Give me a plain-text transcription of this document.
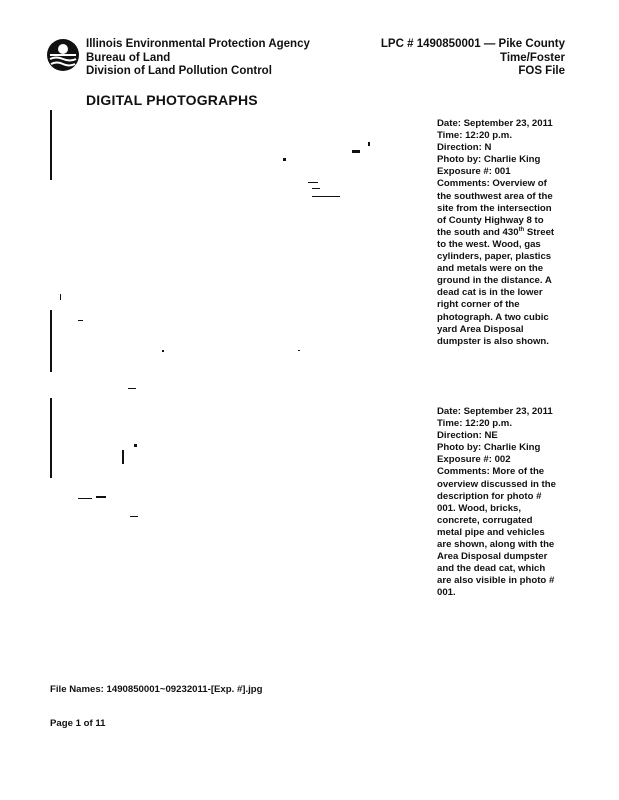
Illinois Environmental Protection Agency
Bureau of Land
Division of Land Pollution Control
LPC # 1490850001 — Pike County
Time/Foster
FOS File
DIGITAL PHOTOGRAPHS
Date: September 23, 2011
Time: 12:20 p.m.
Direction: N
Photo by: Charlie King
Exposure #: 001
Comments: Overview of the southwest area of the site from the intersection of County Highway 8 to the south and 430th Street to the west. Wood, gas cylinders, paper, plastics and metals were on the ground in the distance. A dead cat is in the lower right corner of the photograph. A two cubic yard Area Disposal dumpster is also shown.
Date: September 23, 2011
Time: 12:20 p.m.
Direction: NE
Photo by: Charlie King
Exposure #: 002
Comments: More of the overview discussed in the description for photo # 001. Wood, bricks, concrete, corrugated metal pipe and vehicles are shown, along with the Area Disposal dumpster and the dead cat, which are also visible in photo # 001.
File Names: 1490850001~09232011-[Exp. #].jpg
Page 1 of 11
